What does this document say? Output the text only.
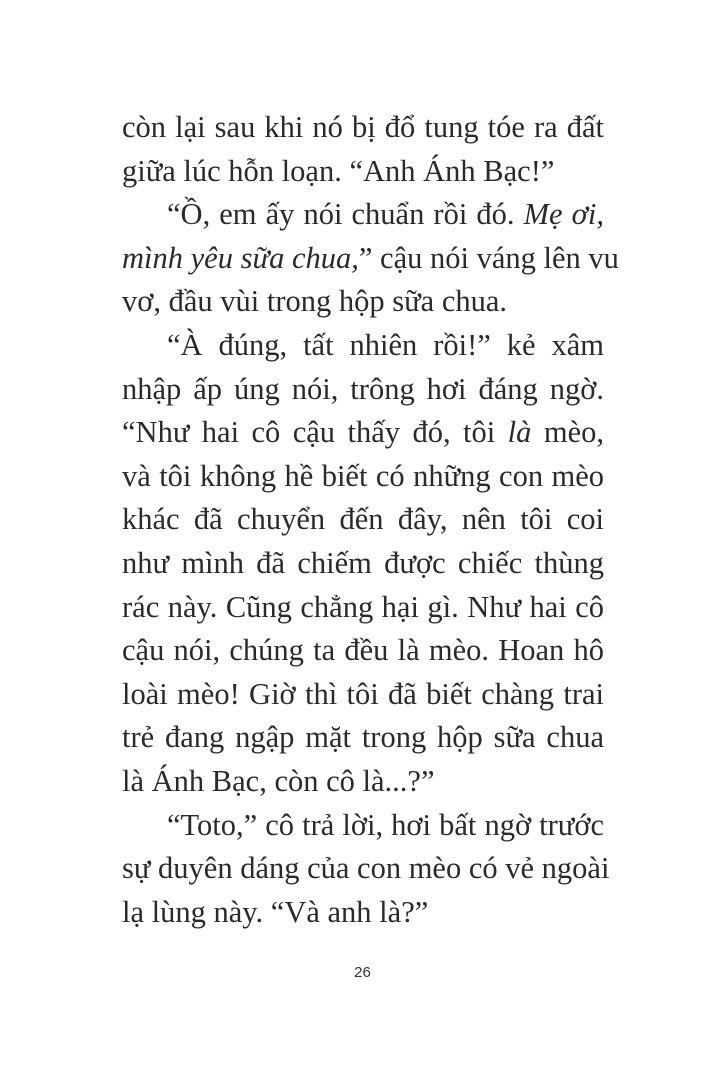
còn lại sau khi nó bị đổ tung tóe ra đất
giữa lúc hỗn loạn. “Anh Ánh Bạc!”
“Ồ, em ấy nói chuẩn rồi đó. Mẹ ơi,
mình yêu sữa chua,” cậu nói váng lên vu
vơ, đầu vùi trong hộp sữa chua.
“À đúng, tất nhiên rồi!” kẻ xâm
nhập ấp úng nói, trông hơi đáng ngờ.
“Như hai cô cậu thấy đó, tôi là mèo,
và tôi không hề biết có những con mèo
khác đã chuyển đến đây, nên tôi coi
như mình đã chiếm được chiếc thùng
rác này. Cũng chẳng hại gì. Như hai cô
cậu nói, chúng ta đều là mèo. Hoan hô
loài mèo! Giờ thì tôi đã biết chàng trai
trẻ đang ngập mặt trong hộp sữa chua
là Ánh Bạc, còn cô là...?”
“Toto,” cô trả lời, hơi bất ngờ trước
sự duyên dáng của con mèo có vẻ ngoài
lạ lùng này. “Và anh là?”
26
